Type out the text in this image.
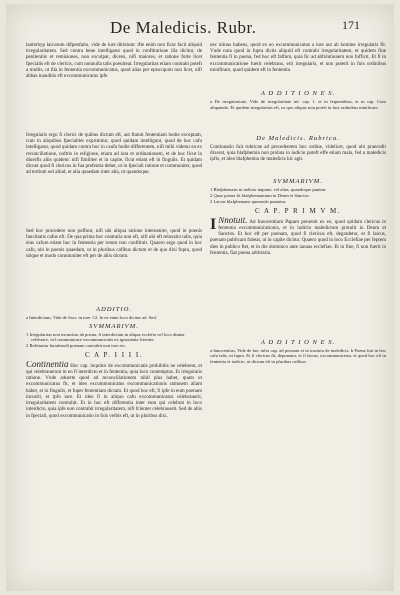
De Maledicis. Rubr.	171

lanterhyp laicorum difpenfatio, vide de iure ditiotum: ifte enim non ficut facit aliquid irregularitatem. Sed contra bene intelligatur quod in conftitutione illa dicitur, de penitentiis et remisiones, non exculpat, dicens, nifi maiores, et ratione forte licet fpecialis eft de clericis, cum nonnulla talis poeniteat. Irregularitas etiam contrahi poteft a multis, ut illa in fententia excommunicatus, quod alias per episcopum non licet, nifi abbas inauditis eft excommunicatus ipfe.

Irregularis ergo fi clerici de quibus dictum eft, aut ftatuit fententiam hodie exceptam, cum in aliquibus fpecialiter exprimitur, quod quidam intelligunt, quod de hoc cafu intelligatur, quod quidam contra hoc in caufa hodie differentem, nifi mihi videtur ea ex reconciliatione, noftris in religione, etiam ad iura et ordinationem, et de hoc ficut in diuerfis aliis quidem: nifi fimiliter et in capite, ficut etiam eft in fingulis. Et quidam dicunt quod fi clericus in fua prefentia debet, ut in fpeciali ratione et communiter, quod ad tertium uel aliud, et alia quaedam inter alia, ut quandoque.

Sed hoc procedere non poffunt, nifi ubi aliqua ratione interuenire, quod in poenis fanctitatis cafus eft. De qua prima hoc contraria non eft, nifi ubi eft relaxatio talis, quia eius cafum etiam hoc in fententia per totum non conftituit. Quaero ergo quod in hoc cafu, ubi in poenis quaedam, ut in pluribus cafibus dictum et de quo dixi fupra, quod utique et modo communiter eft per de aliis dictum.

ADDITIO.

a Interdictum, Vide de Sacr. in iure. Gl. In ea enim loco dicitur ad. Sed.

SVMMARIVM.

1 Irregularitas non incurritur ab poena, fi interdictum in aliqua ecclefia vel loco diuina celebrare, vel communicare excommunicatis ex ignorantia fcienter.

2 Reftituitur huiufmodi poenam contrahit non iure etc.

C A P. I I I I.

Continentia Hoc cap. loquitur de excommunicatis prohibitis ne celebrent, et qui celebrauerunt in eo fi interdicto et in fententia, quia loco contemptus. Et irregularis ratione. Vnde aduerte quod ad reconciliationem nihil plus habet, quam ut excommunicatus fit, et ideo excommunicatus excommunicationis rationem aliam habet, et in fingulis, et fuper fententiam dictam. Et quod hoc eft, fi ipfe in eum poenam incurrit, et ipfo iure. Et ideo fi in aliquo cafu excommunicatus celebrauerit, irregularitatem contrahit. Et in hoc eft differentia inter eum qui celebrat in loco interdicto, quia ipfe non contrahit irregularitatem, nifi fcienter celebrauerit. Sed de aliis in fpeciali, quod excommunicatio in fuis verbis eft, ut in pluribus dixi.

nec minus habens, quod ex eo excommunicatus a iure aut ab homine irregularis fit. Vnde nota quod in fupra dictis aliquid eft contrahi irregularitatem, et quidem fine fententia fi in poena, fed hoc eft falfum, quia fic ad abfolutionem non fufficit. Et fi in excommunicatione fuerit celebrans, erit irregularis, et non poterit in fuis ordinibus miniftrare, quod quidem eft in fententia.

A D D I T I O N E S.

a De irregularitate, Vide de irregularitate inf. cap. 1. et in fequentibus, et in cap. Cum aliquando. Et quidem irregularitas eft, ex quo aliquis non poteft in fuis ordinibus miniftrare.

De Maledicis. Rubrica.

Continuatio fuit rubricae ad precedentem hoc ordine, videlicet, quod ubi praecedit dixerat, quia blafphemia non prolata in iudicio poteft effe etiam mala, fed a maledicis ipfis, et ideo blafphemia de maledicis hic agit.

SVMMARIVM.

1 Blafphemans in iudicio impune, vel alias, quandoque punitur.

2 Quae poena fit blafphemantium in Deum et Sanctos.

3 Laicus blafphemans quomodo puniatur.

C A P. P R I M V M.

I Nnotuit. Ad Innocentium Papam peruenit ex eo, quod quidam clericus in fententia excommunicationis, et in iudicio maledictum protulit in Deum et Sanctos. Et hoc eft per poenam, quod fi clericus eft, degradetur, et fi laicus, poenam publicam fubeat, ut in capite dicitur. Quaero quod in loco Ecclefiae per feptem dies in publico ftet, et in die dominico ante ianuas ecclefiae. Et in fine, fi non fuerit in fententia, fiat poena arbitraria.

A D D I T I O N E S.

a Innocentius, Vide de hoc infra cap. ad poenam et in tractatu de maledicis. b Poena fuit in hoc cafu talis, ut fupra. Et fi clericus fit, deponatur, et fi laicus, excommunicetur, et quod hoc eft in fententia et iudicio, ut dictum eft in pluribus cafibus.
